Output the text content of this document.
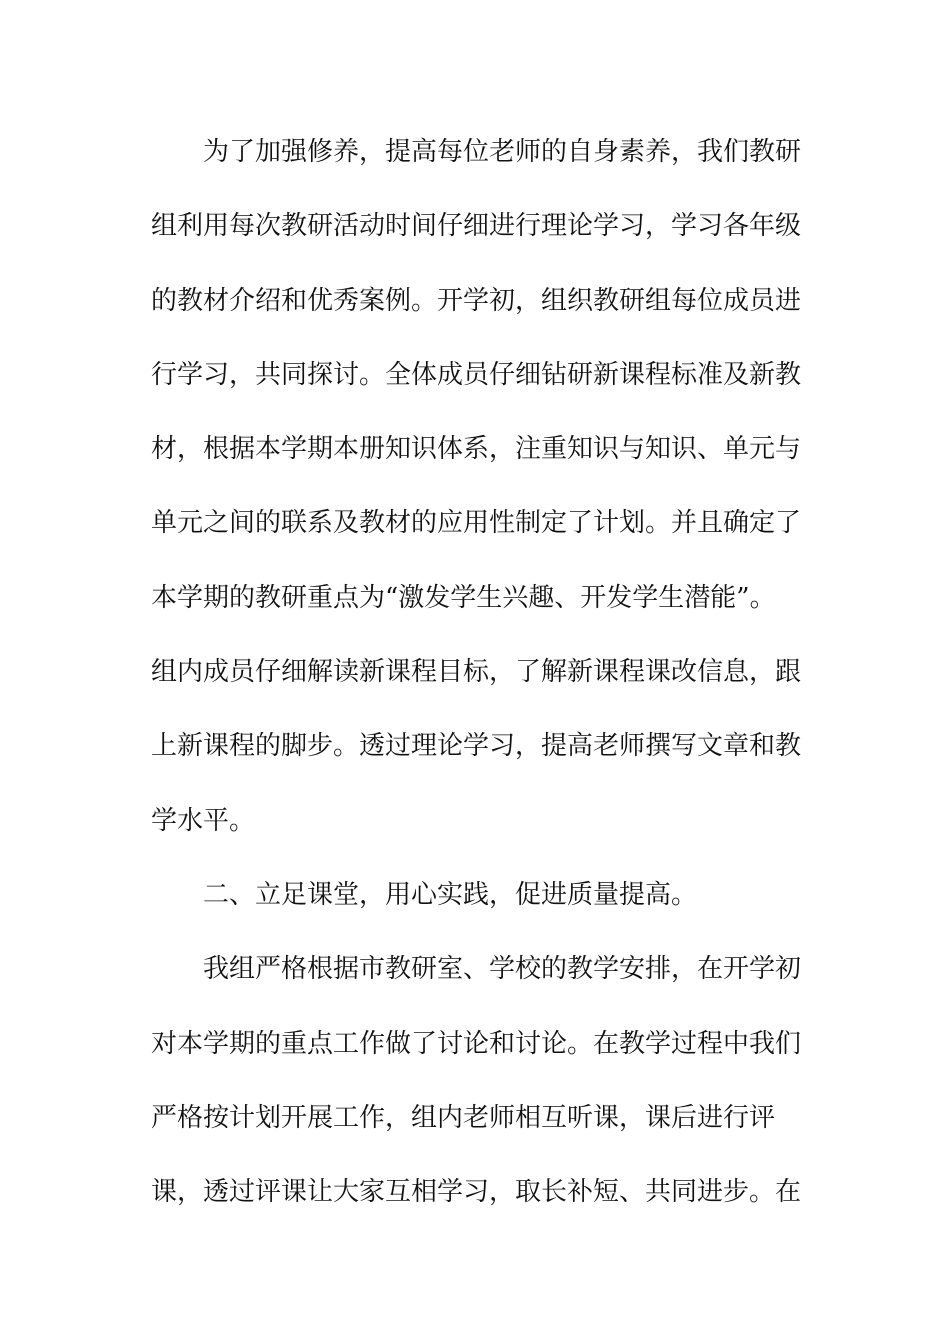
为了加强修养，提高每位老师的自身素养，我们教研
组利用每次教研活动时间仔细进行理论学习，学习各年级
的教材介绍和优秀案例。开学初，组织教研组每位成员进
行学习，共同探讨。全体成员仔细钻研新课程标准及新教
材，根据本学期本册知识体系，注重知识与知识、单元与
单元之间的联系及教材的应用性制定了计划。并且确定了
本学期的教研重点为“激发学生兴趣、开发学生潜能”。
组内成员仔细解读新课程目标，了解新课程课改信息，跟
上新课程的脚步。透过理论学习，提高老师撰写文章和教
学水平。
二、立足课堂，用心实践，促进质量提高。
我组严格根据市教研室、学校的教学安排，在开学初
对本学期的重点工作做了讨论和讨论。在教学过程中我们
严格按计划开展工作，组内老师相互听课，课后进行评
课，透过评课让大家互相学习，取长补短、共同进步。在
